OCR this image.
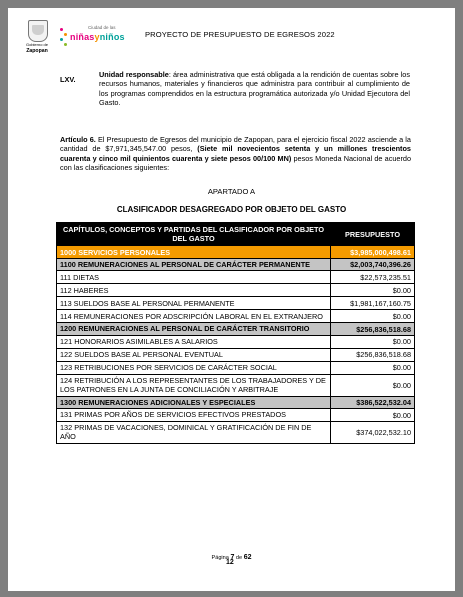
Gobierno de
Zapopan
Ciudad de las
niñasyniños	PROYECTO DE PRESUPUESTO DE EGRESOS 2022
LXV.
Unidad responsable: área administrativa que está obligada a la rendición de cuentas sobre los recursos humanos, materiales y financieros que administra para contribuir al cumplimiento de los programas comprendidos en la estructura programática autorizada y/o Unidad Ejecutora del Gasto.
Artículo 6. El Presupuesto de Egresos del municipio de Zapopan, para el ejercicio fiscal 2022 asciende a la cantidad de $7,971,345,547.00 pesos, (Siete mil novecientos setenta y un millones trescientos cuarenta y cinco mil quinientos cuarenta y siete pesos 00/100 MN) pesos Moneda Nacional de acuerdo con las clasificaciones siguientes:
APARTADO A
CLASIFICADOR DESAGREGADO POR OBJETO DEL GASTO
CAPÍTULOS, CONCEPTOS Y PARTIDAS DEL CLASIFICADOR POR OBJETO DEL GASTO	PRESUPUESTO
1000 SERVICIOS PERSONALES	$3,985,000,498.61
1100 REMUNERACIONES AL PERSONAL DE CARÁCTER PERMANENTE	$2,003,740,396.26
111 DIETAS	$22,573,235.51
112 HABERES	$0.00
113 SUELDOS BASE AL PERSONAL PERMANENTE	$1,981,167,160.75
114 REMUNERACIONES POR ADSCRIPCIÓN LABORAL EN EL EXTRANJERO	$0.00
1200 REMUNERACIONES AL PERSONAL DE CARÁCTER TRANSITORIO	$256,836,518.68
121 HONORARIOS ASIMILABLES A SALARIOS	$0.00
122 SUELDOS BASE AL PERSONAL EVENTUAL	$256,836,518.68
123 RETRIBUCIONES POR SERVICIOS DE CARÁCTER SOCIAL	$0.00
124 RETRIBUCIÓN A LOS REPRESENTANTES DE LOS TRABAJADORES Y DE LOS PATRONES EN LA JUNTA DE CONCILIACIÓN Y ARBITRAJE	$0.00
1300 REMUNERACIONES ADICIONALES Y ESPECIALES	$386,522,532.04
131 PRIMAS POR AÑOS DE SERVICIOS EFECTIVOS PRESTADOS	$0.00
132 PRIMAS DE VACACIONES, DOMINICAL Y GRATIFICACIÓN DE FIN DE AÑO	$374,022,532.10
Página 7 de 62
12
